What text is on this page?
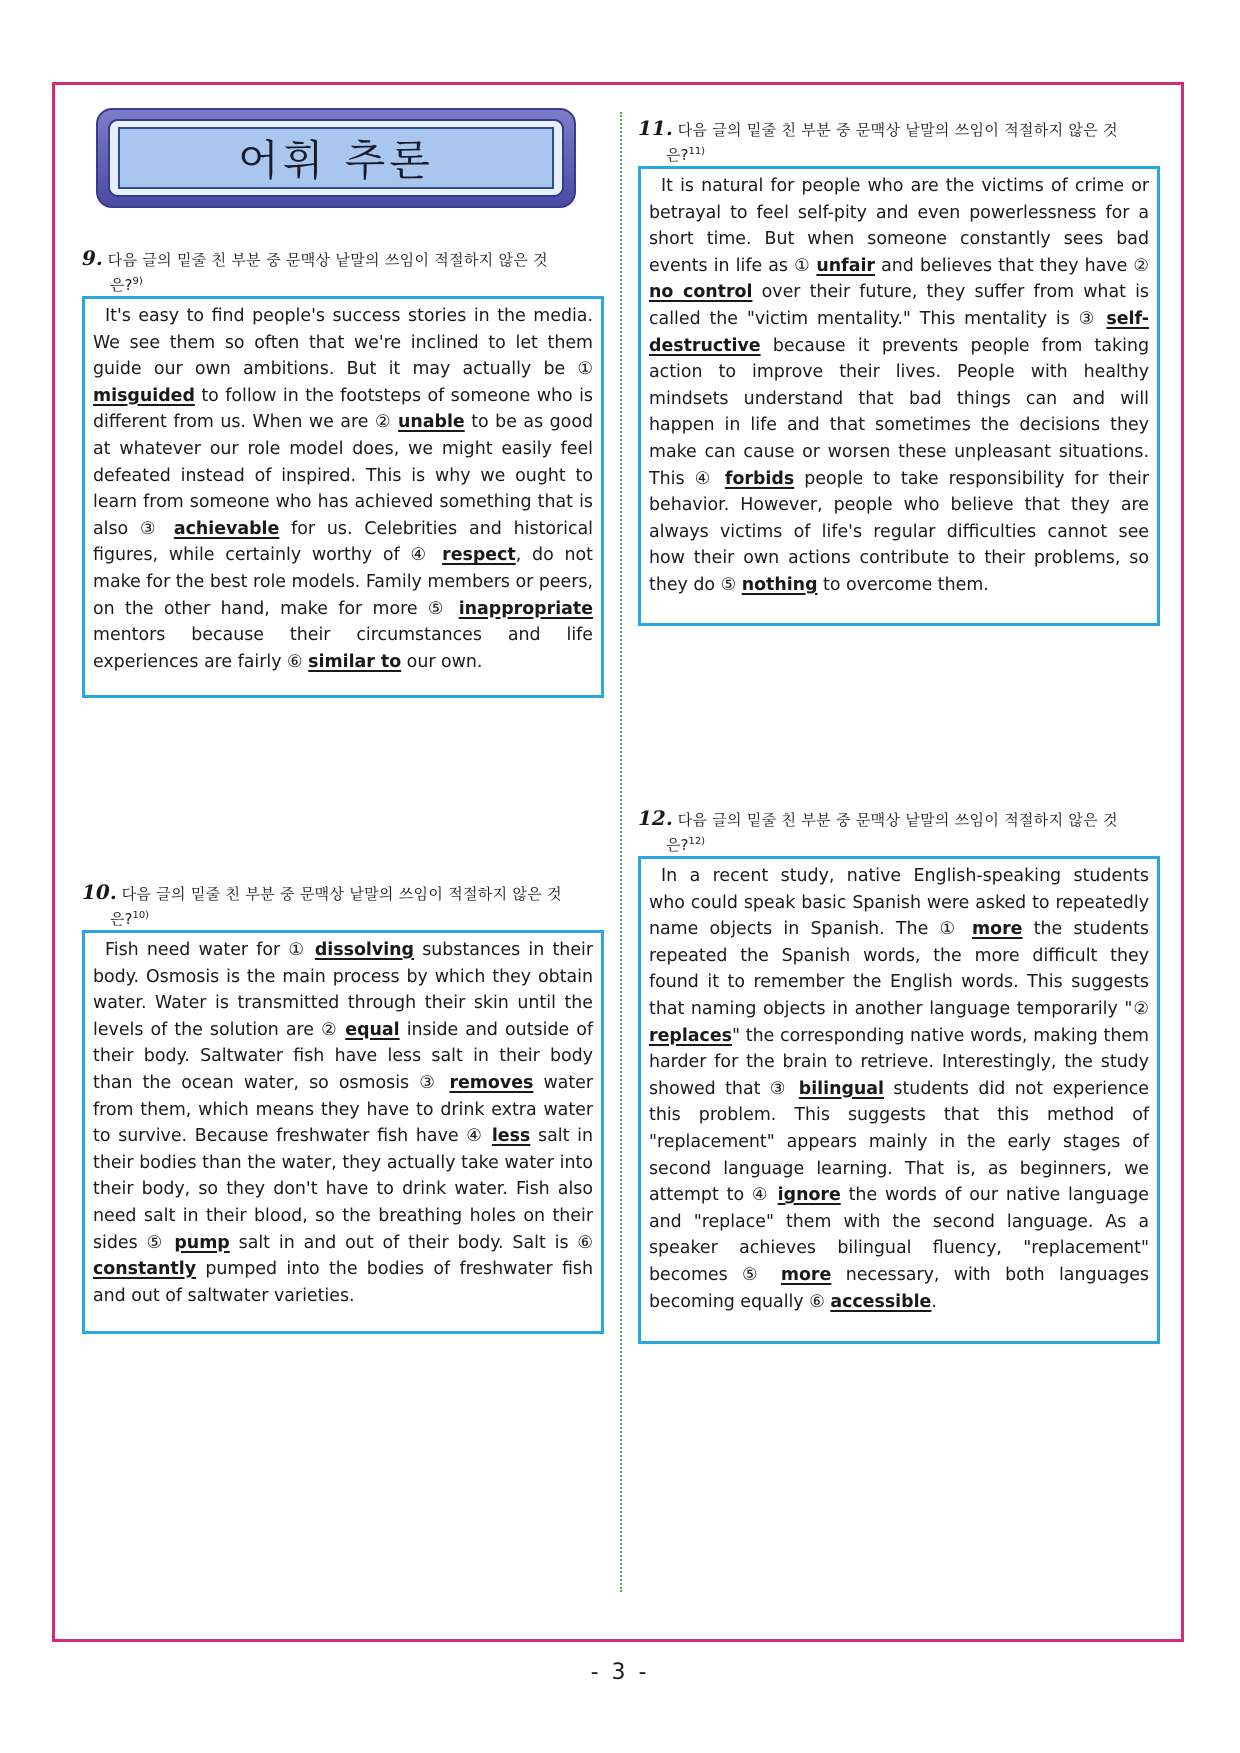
어휘 추론
9. 다음 글의 밑줄 친 부분 중 문맥상 낱말의 쓰임이 적절하지 않은 것
은?$^{9)}$

It's easy to find people's success stories in the media. We see them so often that we're inclined to let them guide our own ambitions. But it may actually be ① misguided to follow in the footsteps of someone who is different from us. When we are ② unable to be as good at whatever our role model does, we might easily feel defeated instead of inspired. This is why we ought to learn from someone who has achieved something that is also ③ achievable for us. Celebrities and historical figures, while certainly worthy of ④ respect, do not make for the best role models. Family members or peers, on the other hand, make for more ⑤ inappropriate mentors because their circumstances and life experiences are fairly ⑥ similar to our own.

10. 다음 글의 밑줄 친 부분 중 문맥상 낱말의 쓰임이 적절하지 않은 것
은?$^{10)}$

Fish need water for ① dissolving substances in their body. Osmosis is the main process by which they obtain water. Water is transmitted through their skin until the levels of the solution are ② equal inside and outside of their body. Saltwater fish have less salt in their body than the ocean water, so osmosis ③ removes water from them, which means they have to drink extra water to survive. Because freshwater fish have ④ less salt in their bodies than the water, they actually take water into their body, so they don't have to drink water. Fish also need salt in their blood, so the breathing holes on their sides ⑤ pump salt in and out of their body. Salt is ⑥ constantly pumped into the bodies of freshwater fish and out of saltwater varieties.

11. 다음 글의 밑줄 친 부분 중 문맥상 낱말의 쓰임이 적절하지 않은 것
은?$^{11)}$

It is natural for people who are the victims of crime or betrayal to feel self-pity and even powerlessness for a short time. But when someone constantly sees bad events in life as ① unfair and believes that they have ② no control over their future, they suffer from what is called the "victim mentality." This mentality is ③ self-destructive because it prevents people from taking action to improve their lives. People with healthy mindsets understand that bad things can and will happen in life and that sometimes the decisions they make can cause or worsen these unpleasant situations. This ④ forbids people to take responsibility for their behavior. However, people who believe that they are always victims of life's regular difficulties cannot see how their own actions contribute to their problems, so they do ⑤ nothing to overcome them.

12. 다음 글의 밑줄 친 부분 중 문맥상 낱말의 쓰임이 적절하지 않은 것
은?$^{12)}$

In a recent study, native English-speaking students who could speak basic Spanish were asked to repeatedly name objects in Spanish. The ① more the students repeated the Spanish words, the more difficult they found it to remember the English words. This suggests that naming objects in another language temporarily "② replaces" the corresponding native words, making them harder for the brain to retrieve. Interestingly, the study showed that ③ bilingual students did not experience this problem. This suggests that this method of "replacement" appears mainly in the early stages of second language learning. That is, as beginners, we attempt to ④ ignore the words of our native language and "replace" them with the second language. As a speaker achieves bilingual fluency, "replacement" becomes ⑤ more necessary, with both languages becoming equally ⑥ accessible.

- 3 -
